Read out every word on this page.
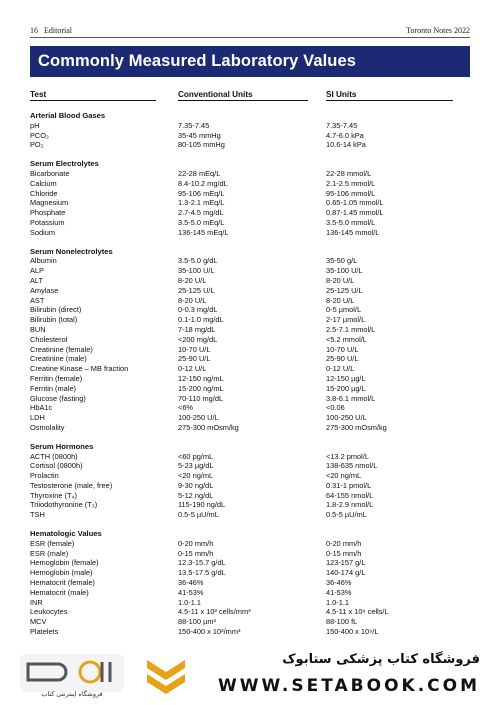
16 Editorial	Toronto Notes 2022
Commonly Measured Laboratory Values
Test	Conventional Units	SI Units
Arterial Blood Gases
pH	7.35-7.45	7.35-7.45
PCO₂	35-45 mmHg	4.7-6.0 kPa
PO₂	80-105 mmHg	10.6-14 kPa
Serum Electrolytes
Bicarbonate	22-28 mEq/L	22-28 mmol/L
Calcium	8.4-10.2 mg/dL	2.1-2.5 mmol/L
Chloride	95-106 mEq/L	95-106 mmol/L
Magnesium	1.3-2.1 mEq/L	0.65-1.05 mmol/L
Phosphate	2.7-4.5 mg/dL	0.87-1.45 mmol/L
Potassium	3.5-5.0 mEq/L	3.5-5.0 mmol/L
Sodium	136-145 mEq/L	136-145 mmol/L
Serum Nonelectrolytes
Albumin	3.5-5.0 g/dL	35-50 g/L
ALP	35-100 U/L	35-100 U/L
ALT	8-20 U/L	8-20 U/L
Amylase	25-125 U/L	25-125 U/L
AST	8-20 U/L	8-20 U/L
Bilirubin (direct)	0-0.3 mg/dL	0-5 µmol/L
Bilirubin (total)	0.1-1.0 mg/dL	2-17 µmol/L
BUN	7-18 mg/dL	2.5-7.1 mmol/L
Cholesterol	<200 mg/dL	<5.2 mmol/L
Creatinine (female)	10-70 U/L	10-70 U/L
Creatinine (male)	25-90 U/L	25-90 U/L
Creatine Kinase – MB fraction	0-12 U/L	0-12 U/L
Ferritin (female)	12-150 ng/mL	12-150 µg/L
Ferritin (male)	15-200 ng/mL	15-200 µg/L
Glucose (fasting)	70-110 mg/dL	3.8-6.1 mmol/L
HbA1c	<6%	<0.06
LDH	100-250 U/L	100-250 U/L
Osmolality	275-300 mOsm/kg	275-300 mOsm/kg
Serum Hormones
ACTH (0800h)	<60 pg/mL	<13.2 pmol/L
Cortisol (0800h)	5-23 µg/dL	138-635 nmol/L
Prolactin	<20 ng/mL	<20 ng/mL
Testosterone (male, free)	9-30 ng/dL	0.31-1 pmol/L
Thyroxine (T₄)	5-12 ng/dL	64-155 nmol/L
Triiodothyronine (T₃)	115-190 ng/dL	1.8-2.9 nmol/L
TSH	0.5-5 µU/mL	0.5-5 µU/mL
Hematologic Values
ESR (female)	0-20 mm/h	0-20 mm/h
ESR (male)	0-15 mm/h	0-15 mm/h
Hemoglobin (female)	12.3-15.7 g/dL	123-157 g/L
Hemoglobin (male)	13.5-17.5 g/dL	140-174 g/L
Hematocrit (female)	36-46%	36-46%
Hematocrit (male)	41-53%	41-53%
INR	1.0-1.1	1.0-1.1
Leukocytes	4.5-11 x 10³ cells/mm³	4.5-11 x 10⁹ cells/L
MCV	88-100 µm³	88-100 fL
Platelets	150-400 x 10³/mm³	150-400 x 10⁹/L
فروشگاه اینترنتی کتاب
فروشگاه کتاب پزشکی ستابوک
WWW.SETABOOK.COM
